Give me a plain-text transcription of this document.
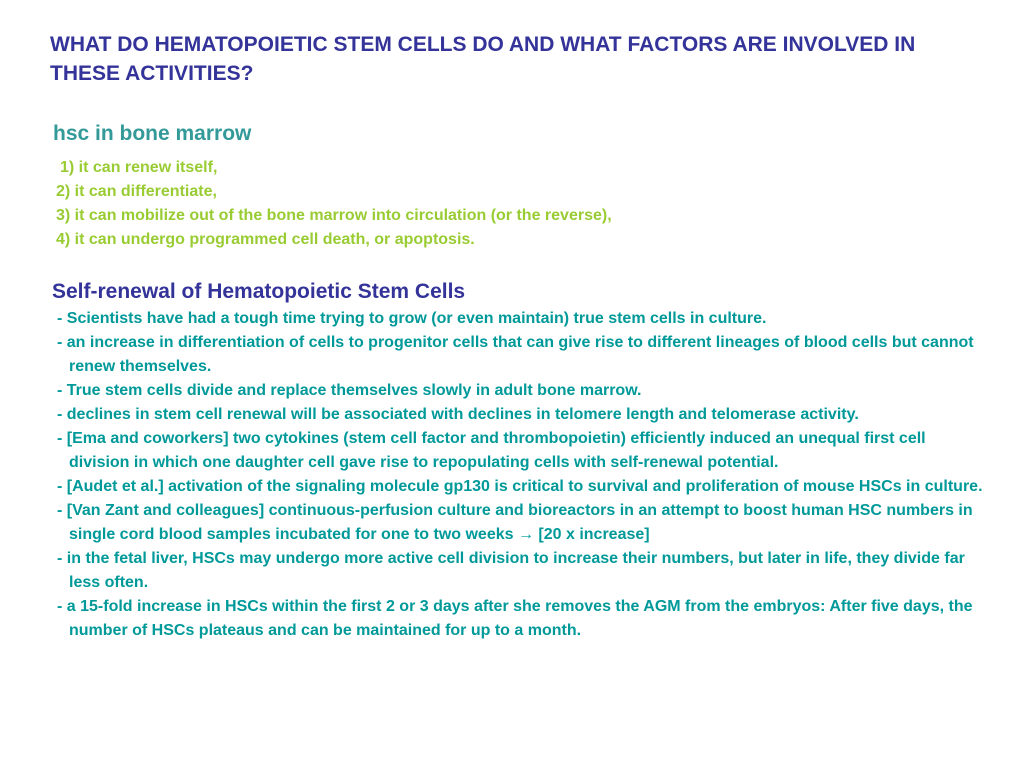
WHAT DO HEMATOPOIETIC STEM CELLS DO AND WHAT FACTORS ARE INVOLVED IN THESE ACTIVITIES?
hsc in bone marrow
1) it can renew itself,
2) it can differentiate,
3) it can mobilize out of the bone marrow into circulation (or the reverse),
4) it can undergo programmed cell death, or apoptosis.
Self-renewal of Hematopoietic Stem Cells
- Scientists have had a tough time trying to grow (or even maintain) true stem cells in culture.
- an increase in differentiation of cells to progenitor cells that can give rise to different lineages of blood cells but cannot renew themselves.
- True stem cells divide and replace themselves slowly in adult bone marrow.
- declines in stem cell renewal will be associated with declines in telomere length and telomerase activity.
- [Ema and coworkers] two cytokines (stem cell factor and thrombopoietin) efficiently induced an unequal first cell division in which one daughter cell gave rise to repopulating cells with self-renewal potential.
- [Audet et al.] activation of the signaling molecule gp130 is critical to survival and proliferation of mouse HSCs in culture.
- [Van Zant and colleagues] continuous-perfusion culture and bioreactors in an attempt to boost human HSC numbers in single cord blood samples incubated for one to two weeks → [20 x increase]
- in the fetal liver, HSCs may undergo more active cell division to increase their numbers, but later in life, they divide far less often.
- a 15-fold increase in HSCs within the first 2 or 3 days after she removes the AGM from the embryos: After five days, the number of HSCs plateaus and can be maintained for up to a month.
